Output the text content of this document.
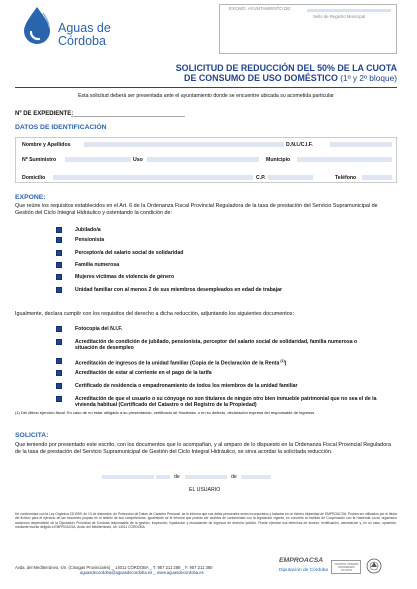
Aguas de
Córdoba
EXCMO. AYUNTAMIENTO DE:
Sello de Registro Municipal
SOLICITUD DE REDUCCIÓN DEL 50% DE LA CUOTA
DE CONSUMO DE USO DOMÉSTICO (1º y 2º bloque)
Esta solicitud deberá ser presentada ante el ayuntamiento donde se encuentre ubicada su acometida particular
Nº DE EXPEDIENTE:
DATOS DE IDENTIFICACIÓN
Nombre y Apellidos	D.N.I./C.I.F.
Nº Suministro	Uso	Municipio
Domicilio	C.P.	Teléfono
EXPONE:
Que reúne los requisitos establecidos en el Art. 6 de la Ordenanza Fiscal Provincial Reguladora de la tasa de prestación del Servicio Supramunicipal de Gestión del Ciclo Integral Hidráulico y ostentando la condición de:
Jubilado/a
Pensionista
Perceptor/a del salario social de solidaridad
Familia numerosa
Mujeres víctimas de violencia de género
Unidad familiar con al menos 2 de sus miembros desempleados en edad de trabajar
Igualmente, declara cumplir con los requisitos del derecho a dicha reducción, adjuntando los siguientes documentos:
Fotocopia del N.I.F.
Acreditación de condición de jubilado, pensionista, perceptor del salario social de solidaridad, familia numerosa o situación de desempleo
Acreditación de ingresos de la unidad familiar (Copia de la Declaración de la Renta $^{(1)}$)
Acreditación de estar al corriente en el pago de la tarifa
Certificado de residencia o empadronamiento de todos los miembros de la unidad familiar
Acreditación de que el usuario o su cónyuge no son titulares de ningún otro bien inmueble patrimonial que no sea el de la vivienda habitual (Certificado del Catastro o del Registro de la Propiedad)
(1) Del último ejercicio fiscal. En caso de no estar obligado a su presentación, certificado de Hacienda, o en su defecto, declaración expresa del responsable de ingresos
SOLICITA:
Que teniendo por presentado este escrito, con los documentos que lo acompañan, y al amparo de lo dispuesto en la Ordenanza Fiscal Provincial Reguladora de la tasa de prestación del Servicio Supramunicipal de Gestión del Ciclo Integral Hidráulico, se sirva acordar la solicitada reducción.
de	de
EL USUARIO
De conformidad con la Ley Orgánica 15/1999, de 13 de diciembre, de Protección de Datos de Carácter Personal, se le informa que sus datos personales serán incorporados y tratados en un fichero titularidad de EMPROACSA. Podrán ser utilizados por el titular del fichero para el ejercicio de las funciones propias en el ámbito de sus competencias. Igualmente se le informa que podrán ser cedidos de conformidad con la legislación vigente, en concreto al Instituto de Cooperación con la Hacienda Local, organismo autónomo dependiente de la Diputación Provincial de Córdoba responsable de la gestión, inspección, liquidación y recaudación de ingresos de derecho público. Puede ejercitar sus derechos de acceso, rectificación, cancelación y, en su caso, oposición, mediante escrito dirigido a EMPROACSA, Avda. del Mediterráneo, s/n 14011 CÓRDOBA
Avda. del Mediterráneo, s/n. (Cinagas Provinciales) _ 14011 CÓRDOBA _ T. 957 211 288 _ F. 957 211 380
aguasdecordoba@aguasdecordoba.es _ www.aguasdecordoba.es
EMPROACSA
Diputación de Córdoba
CONTROL INTERNO PROGRAMAS ACTIVOS
